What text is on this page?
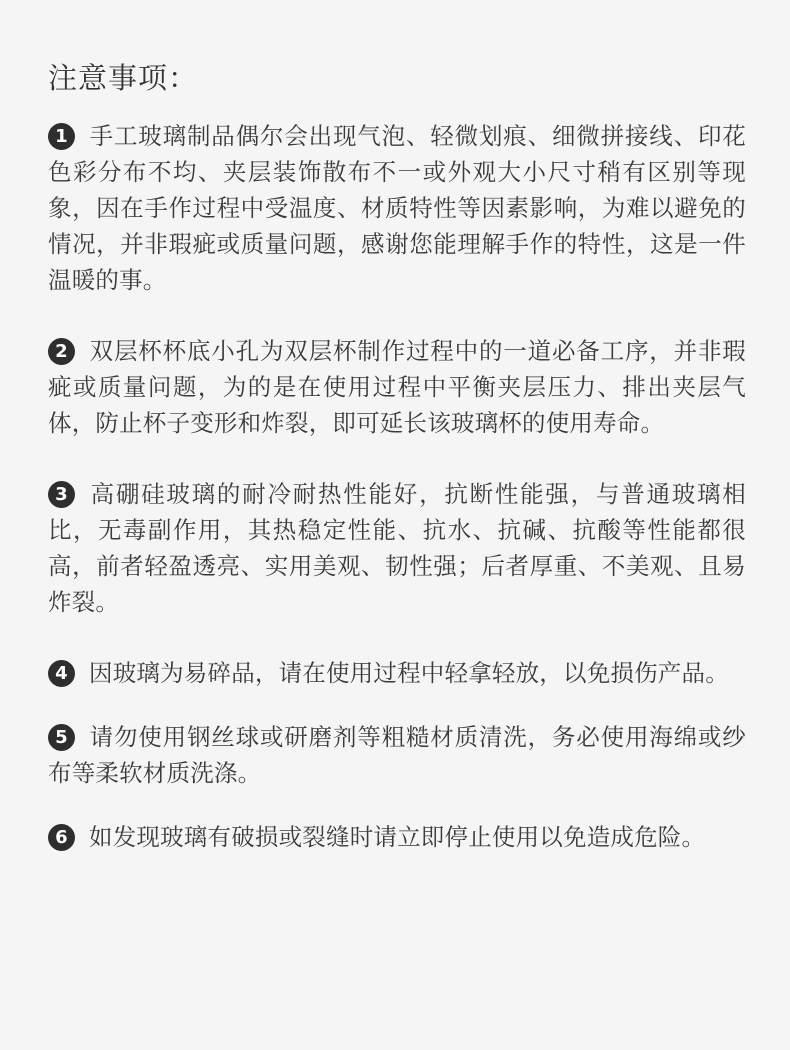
注意事项：
1 手工玻璃制品偶尔会出现气泡、轻微划痕、细微拼接线、印花色彩分布不均、夹层装饰散布不一或外观大小尺寸稍有区别等现象，因在手作过程中受温度、材质特性等因素影响，为难以避免的情况，并非瑕疵或质量问题，感谢您能理解手作的特性，这是一件温暖的事。
2 双层杯杯底小孔为双层杯制作过程中的一道必备工序，并非瑕疵或质量问题，为的是在使用过程中平衡夹层压力、排出夹层气体，防止杯子变形和炸裂，即可延长该玻璃杯的使用寿命。
3 高硼硅玻璃的耐冷耐热性能好，抗断性能强，与普通玻璃相比，无毒副作用，其热稳定性能、抗水、抗碱、抗酸等性能都很高，前者轻盈透亮、实用美观、韧性强；后者厚重、不美观、且易炸裂。
4 因玻璃为易碎品，请在使用过程中轻拿轻放，以免损伤产品。
5 请勿使用钢丝球或研磨剂等粗糙材质清洗，务必使用海绵或纱布等柔软材质洗涤。
6 如发现玻璃有破损或裂缝时请立即停止使用以免造成危险。
